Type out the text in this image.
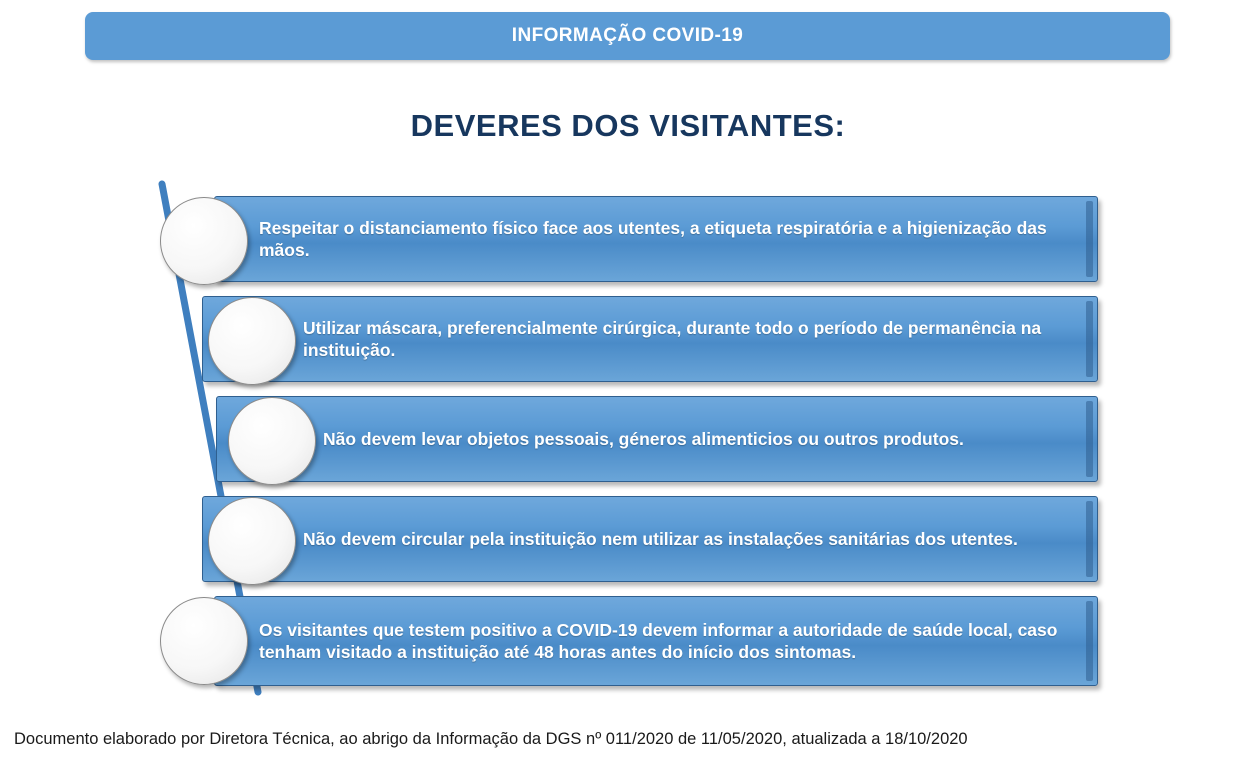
INFORMAÇÃO COVID-19
DEVERES DOS VISITANTES:
Respeitar o distanciamento físico face aos utentes, a etiqueta respiratória e a higienização das mãos.
Utilizar máscara, preferencialmente cirúrgica, durante todo o período de permanência na instituição.
Não devem levar objetos pessoais, géneros alimenticios ou outros produtos.
Não devem circular pela instituição nem utilizar as instalações sanitárias dos utentes.
Os visitantes que testem positivo a COVID-19 devem informar a autoridade de saúde local, caso tenham visitado a instituição até 48 horas antes do início dos sintomas.
Documento elaborado por Diretora Técnica, ao abrigo da Informação da DGS nº 011/2020 de 11/05/2020, atualizada a 18/10/2020
